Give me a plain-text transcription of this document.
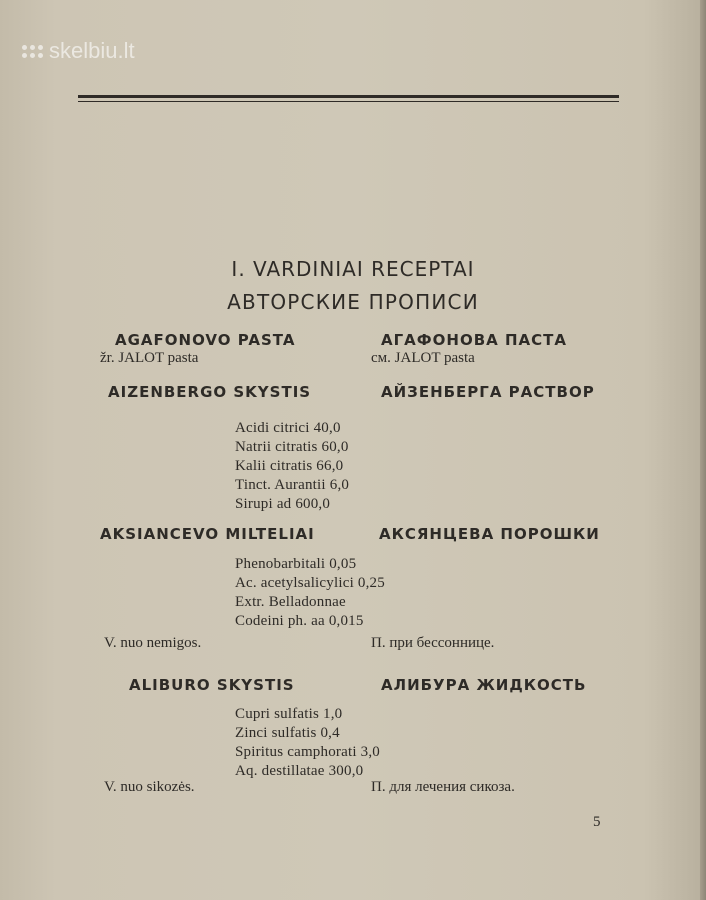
skelbiu.lt
I. VARDINIAI RECEPTAI
АВТОРСКИЕ ПРОПИСИ
AGAFONOVO PASTA	АГАФОНОВА ПАСТА
žr. JALOT pasta	см. JALOT pasta
AIZENBERGO SKYSTIS	АЙЗЕНБЕРГА РАСТВОР
Acidi citrici 40,0
Natrii citratis 60,0
Kalii citratis 66,0
Tinct. Aurantii 6,0
Sirupi ad 600,0
AKSIANCEVO MILTELIAI	АКСЯНЦЕВА ПОРОШКИ
Phenobarbitali 0,05
Ac. acetylsalicylici 0,25
Extr. Belladonnae
Codeini ph. aa 0,015
V. nuo nemigos.	П. при бессоннице.
ALIBURO SKYSTIS	АЛИБУРА ЖИДКОСТЬ
Cupri sulfatis 1,0
Zinci sulfatis 0,4
Spiritus camphorati 3,0
Aq. destillatae 300,0
V. nuo sikozės.	П. для лечения сикоза.
5
